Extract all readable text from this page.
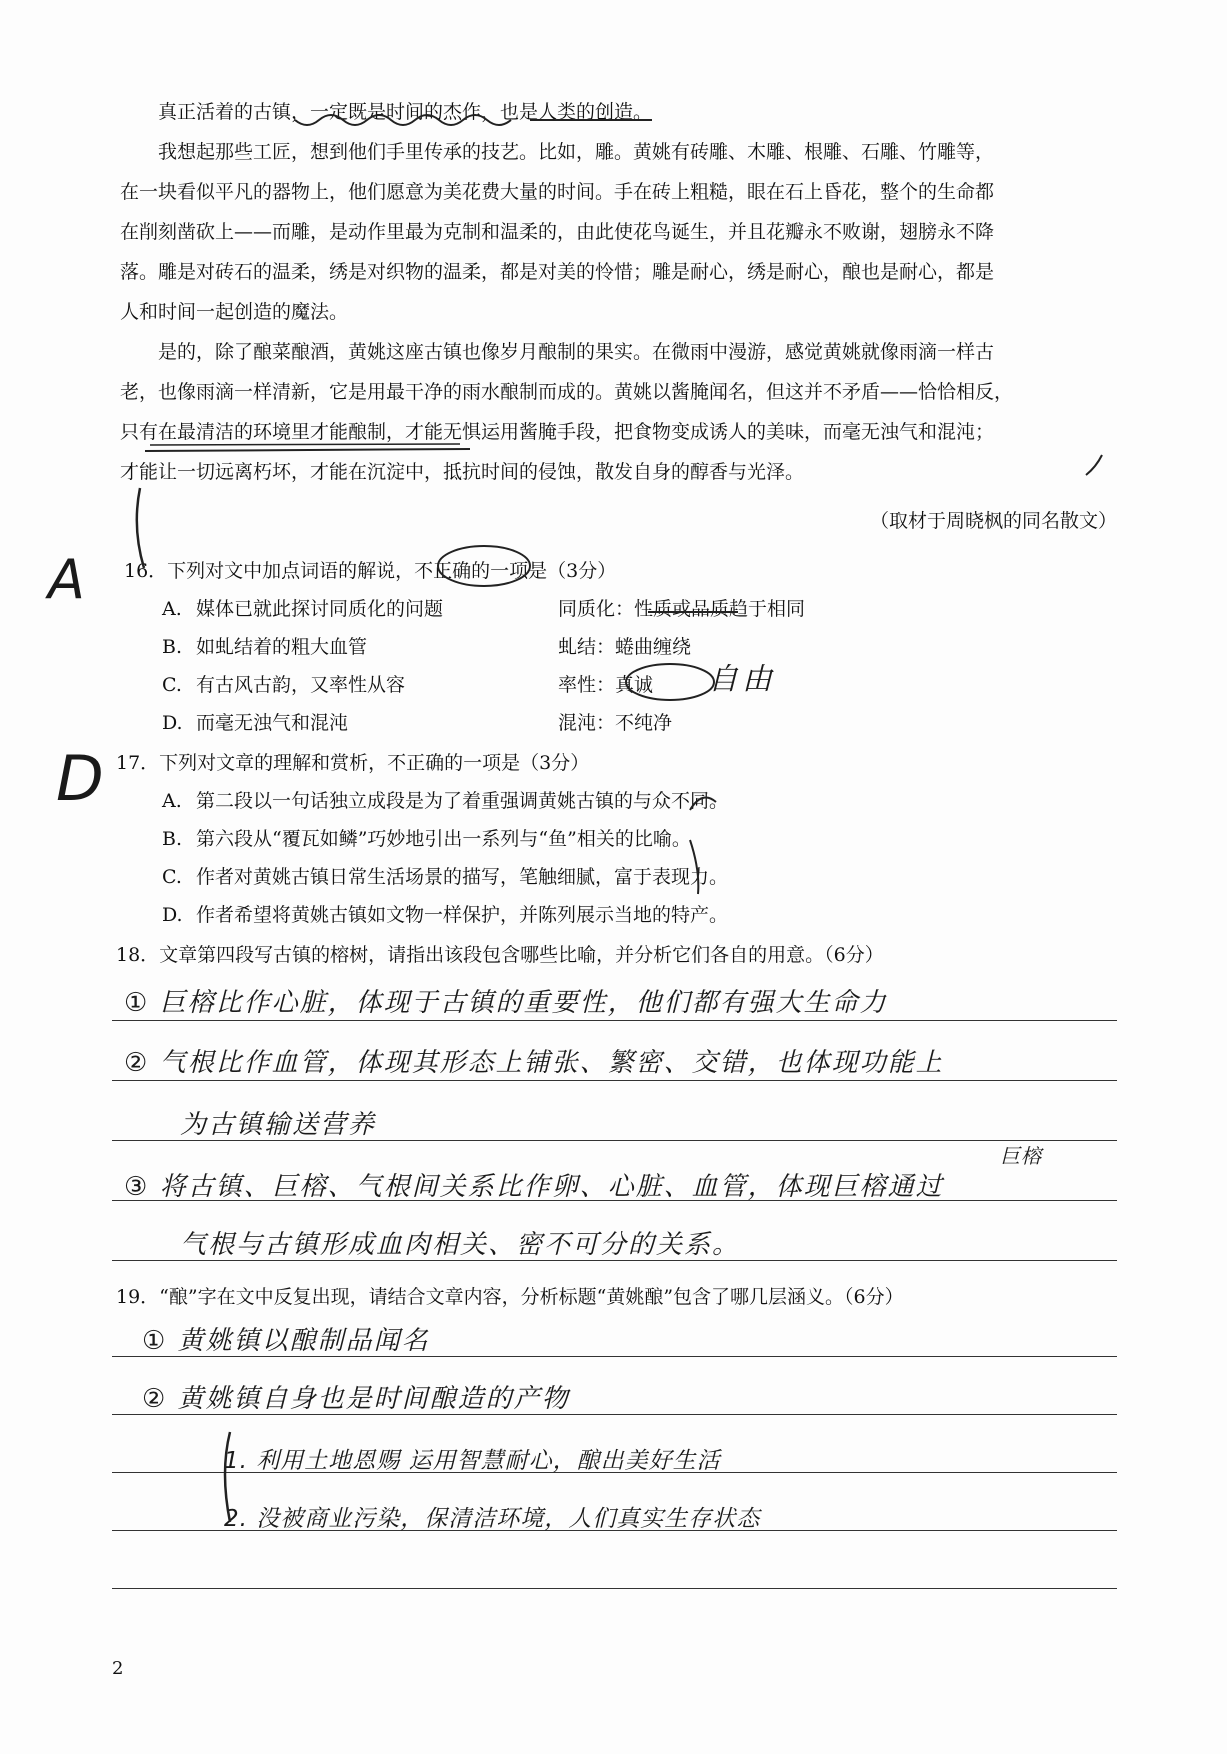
真正活着的古镇，一定既是时间的杰作，也是人类的创造。

我想起那些工匠，想到他们手里传承的技艺。比如，雕。黄姚有砖雕、木雕、根雕、石雕、竹雕等，
在一块看似平凡的器物上，他们愿意为美花费大量的时间。手在砖上粗糙，眼在石上昏花，整个的生命都
在削刻凿砍上——而雕，是动作里最为克制和温柔的，由此使花鸟诞生，并且花瓣永不败谢，翅膀永不降
落。雕是对砖石的温柔，绣是对织物的温柔，都是对美的怜惜；雕是耐心，绣是耐心，酿也是耐心，都是
人和时间一起创造的魔法。
是的，除了酿菜酿酒，黄姚这座古镇也像岁月酿制的果实。在微雨中漫游，感觉黄姚就像雨滴一样古
老，也像雨滴一样清新，它是用最干净的雨水酿制而成的。黄姚以酱腌闻名，但这并不矛盾——恰恰相反，
只有在最清洁的环境里才能酿制，才能无惧运用酱腌手段，把食物变成诱人的美味，而毫无浊气和混沌；
才能让一切远离朽坏，才能在沉淀中，抵抗时间的侵蚀，散发自身的醇香与光泽。
（取材于周晓枫的同名散文）
16．下列对文中加点词语的解说，不正确的一项是（3分）
A. 媒体已就此探讨同质化的问题	同质化：性质或品质趋于相同
B. 如虬结着的粗大血管	虬结：蜷曲缠绕
C. 有古风古韵，又率性从容	率性：真诚
D. 而毫无浊气和混沌	混沌：不纯净
A
自由
17．下列对文章的理解和赏析，不正确的一项是（3分）
A. 第二段以一句话独立成段是为了着重强调黄姚古镇的与众不同。
B. 第六段从“覆瓦如鳞”巧妙地引出一系列与“鱼”相关的比喻。
C. 作者对黄姚古镇日常生活场景的描写，笔触细腻，富于表现力。
D. 作者希望将黄姚古镇如文物一样保护，并陈列展示当地的特产。
D
18．文章第四段写古镇的榕树，请指出该段包含哪些比喻，并分析它们各自的用意。（6分）
① 巨榕比作心脏，体现于古镇的重要性，他们都有强大生命力
② 气根比作血管，体现其形态上铺张、繁密、交错，也体现功能上
为古镇输送营养
③ 将古镇、巨榕、气根间关系比作卵、心脏、血管，体现巨榕通过
巨榕
气根与古镇形成血肉相关、密不可分的关系。
19．“酿”字在文中反复出现，请结合文章内容，分析标题“黄姚酿”包含了哪几层涵义。（6分）
① 黄姚镇以酿制品闻名
② 黄姚镇自身也是时间酿造的产物
1. 利用土地恩赐 运用智慧耐心，酿出美好生活
2. 没被商业污染，保清洁环境，人们真实生存状态
2
